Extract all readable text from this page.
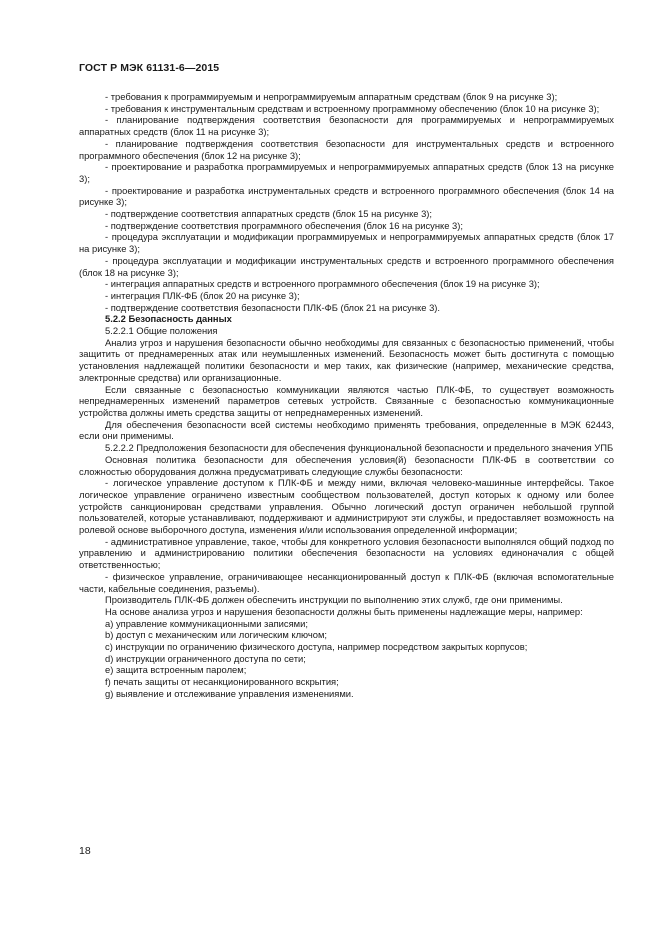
ГОСТ Р МЭК 61131-6—2015

- требования к программируемым и непрограммируемым аппаратным средствам (блок 9 на рисунке 3);

- требования к инструментальным средствам и встроенному программному обеспечению (блок 10 на рисунке 3);

- планирование подтверждения соответствия безопасности для программируемых и непрограммируемых аппаратных средств (блок 11 на рисунке 3);

- планирование подтверждения соответствия безопасности для инструментальных средств и встроенного программного обеспечения (блок 12 на рисунке 3);

- проектирование и разработка программируемых и непрограммируемых аппаратных средств (блок 13 на рисунке 3);

- проектирование и разработка инструментальных средств и встроенного программного обеспечения (блок 14 на рисунке 3);

- подтверждение соответствия аппаратных средств (блок 15 на рисунке 3);

- подтверждение соответствия программного обеспечения (блок 16 на рисунке 3);

- процедура эксплуатации и модификации программируемых и непрограммируемых аппаратных средств (блок 17 на рисунке 3);

- процедура эксплуатации и модификации инструментальных средств и встроенного программного обеспечения (блок 18 на рисунке 3);

- интеграция аппаратных средств и встроенного программного обеспечения (блок 19 на рисунке 3);

- интеграция ПЛК-ФБ (блок 20 на рисунке 3);

- подтверждение соответствия безопасности ПЛК-ФБ (блок 21 на рисунке 3).

5.2.2 Безопасность данных

5.2.2.1 Общие положения

Анализ угроз и нарушения безопасности обычно необходимы для связанных с безопасностью применений, чтобы защитить от преднамеренных атак или неумышленных изменений. Безопасность может быть достигнута с помощью установления надлежащей политики безопасности и мер таких, как физические (например, механические средства, электронные средства) или организационные.

Если связанные с безопасностью коммуникации являются частью ПЛК-ФБ, то существует возможность непреднамеренных изменений параметров сетевых устройств. Связанные с безопасностью коммуникационные устройства должны иметь средства защиты от непреднамеренных изменений.

Для обеспечения безопасности всей системы необходимо применять требования, определенные в МЭК 62443, если они применимы.

5.2.2.2 Предположения безопасности для обеспечения функциональной безопасности и предельного значения УПБ

Основная политика безопасности для обеспечения условия(й) безопасности ПЛК-ФБ в соответствии со сложностью оборудования должна предусматривать следующие службы безопасности:

- логическое управление доступом к ПЛК-ФБ и между ними, включая человеко-машинные интерфейсы. Такое логическое управление ограничено известным сообществом пользователей, доступ которых к одному или более устройств санкционирован средствами управления. Обычно логический доступ ограничен небольшой группой пользователей, которые устанавливают, поддерживают и администрируют эти службы, и предоставляет возможность на ролевой основе выборочного доступа, изменения и/или использования определенной информации;

- административное управление, такое, чтобы для конкретного условия безопасности выполнялся общий подход по управлению и администрированию политики обеспечения безопасности на условиях единоначалия с общей ответственностью;

- физическое управление, ограничивающее несанкционированный доступ к ПЛК-ФБ (включая вспомогательные части, кабельные соединения, разъемы).

Производитель ПЛК-ФБ должен обеспечить инструкции по выполнению этих служб, где они применимы.

На основе анализа угроз и нарушения безопасности должны быть применены надлежащие меры, например:

а) управление коммуникационными записями;

b) доступ с механическим или логическим ключом;

с) инструкции по ограничению физического доступа, например посредством закрытых корпусов;

d) инструкции ограниченного доступа по сети;

е) защита встроенным паролем;

f) печать защиты от несанкционированного вскрытия;

g) выявление и отслеживание управления изменениями.

18
